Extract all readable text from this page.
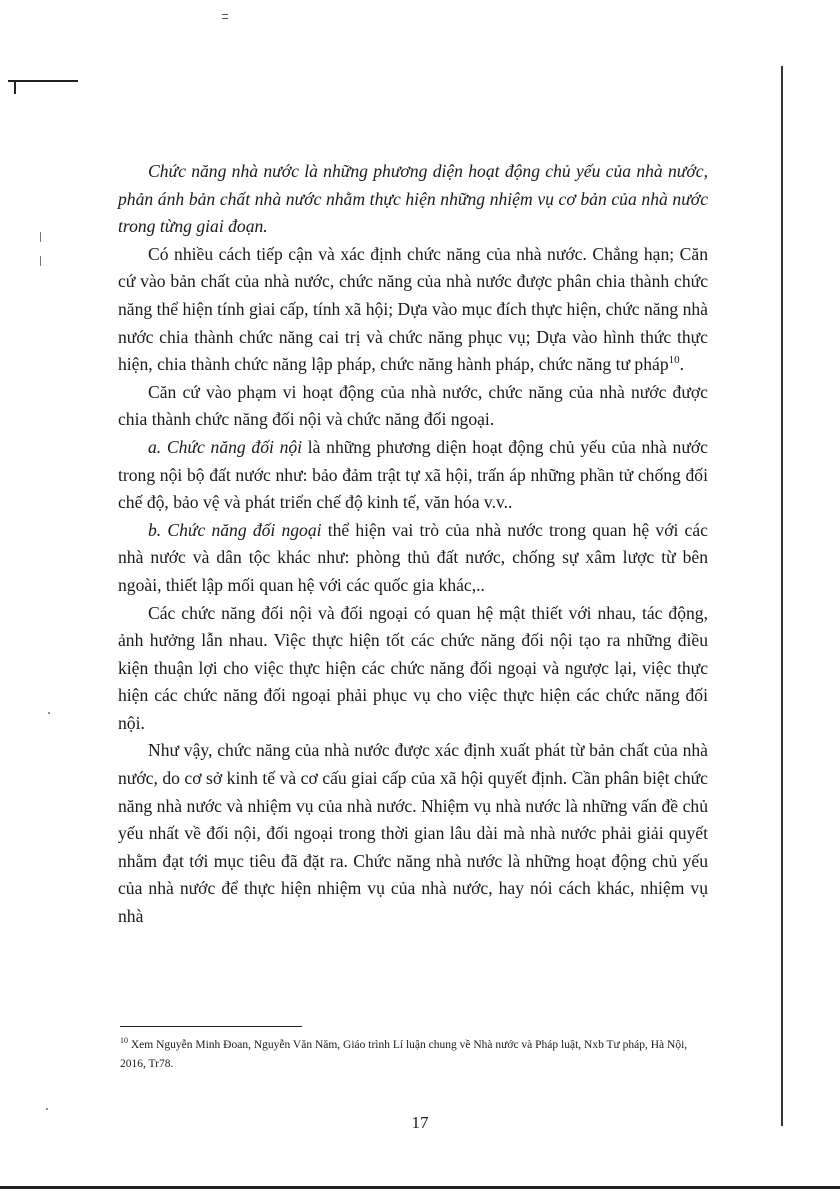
Chức năng nhà nước là những phương diện hoạt động chủ yếu của nhà nước, phản ánh bản chất nhà nước nhằm thực hiện những nhiệm vụ cơ bản của nhà nước trong từng giai đoạn.

Có nhiều cách tiếp cận và xác định chức năng của nhà nước. Chẳng hạn; Căn cứ vào bản chất của nhà nước, chức năng của nhà nước được phân chia thành chức năng thể hiện tính giai cấp, tính xã hội; Dựa vào mục đích thực hiện, chức năng nhà nước chia thành chức năng cai trị và chức năng phục vụ; Dựa vào hình thức thực hiện, chia thành chức năng lập pháp, chức năng hành pháp, chức năng tư pháp$^{10}$.

Căn cứ vào phạm vi hoạt động của nhà nước, chức năng của nhà nước được chia thành chức năng đối nội và chức năng đối ngoại.

a. Chức năng đối nội là những phương diện hoạt động chủ yếu của nhà nước trong nội bộ đất nước như: bảo đảm trật tự xã hội, trấn áp những phần tử chống đối chế độ, bảo vệ và phát triển chế độ kinh tế, văn hóa v.v..

b. Chức năng đối ngoại thể hiện vai trò của nhà nước trong quan hệ với các nhà nước và dân tộc khác như: phòng thủ đất nước, chống sự xâm lược từ bên ngoài, thiết lập mối quan hệ với các quốc gia khác,..

Các chức năng đối nội và đối ngoại có quan hệ mật thiết với nhau, tác động, ảnh hưởng lẫn nhau. Việc thực hiện tốt các chức năng đối nội tạo ra những điều kiện thuận lợi cho việc thực hiện các chức năng đối ngoại và ngược lại, việc thực hiện các chức năng đối ngoại phải phục vụ cho việc thực hiện các chức năng đối nội.

Như vậy, chức năng của nhà nước được xác định xuất phát từ bản chất của nhà nước, do cơ sở kinh tế và cơ cấu giai cấp của xã hội quyết định. Cần phân biệt chức năng nhà nước và nhiệm vụ của nhà nước. Nhiệm vụ nhà nước là những vấn đề chủ yếu nhất về đối nội, đối ngoại trong thời gian lâu dài mà nhà nước phải giải quyết nhằm đạt tới mục tiêu đã đặt ra. Chức năng nhà nước là những hoạt động chủ yếu của nhà nước để thực hiện nhiệm vụ của nhà nước, hay nói cách khác, nhiệm vụ nhà

$^{10}$ Xem Nguyễn Minh Đoan, Nguyễn Văn Năm, Giáo trình Lí luận chung về Nhà nước và Pháp luật, Nxb Tư pháp, Hà Nội, 2016, Tr78.
17
